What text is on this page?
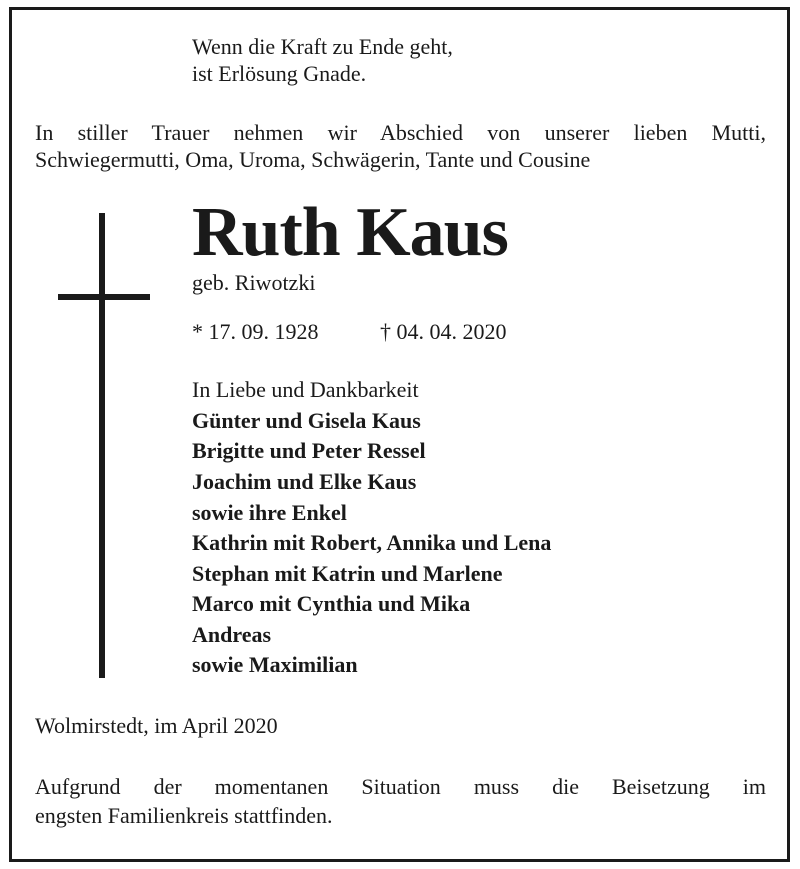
Wenn die Kraft zu Ende geht,
ist Erlösung Gnade.
In stiller Trauer nehmen wir Abschied von unserer lieben Mutti,
Schwiegermutti, Oma, Uroma, Schwägerin, Tante und Cousine
Ruth Kaus
geb. Riwotzki
* 17. 09. 1928	† 04. 04. 2020
In Liebe und Dankbarkeit
Günter und Gisela Kaus
Brigitte und Peter Ressel
Joachim und Elke Kaus
sowie ihre Enkel
Kathrin mit Robert, Annika und Lena
Stephan mit Katrin und Marlene
Marco mit Cynthia und Mika
Andreas
sowie Maximilian
Wolmirstedt, im April 2020
Aufgrund der momentanen Situation muss die Beisetzung im
engsten Familienkreis stattfinden.
